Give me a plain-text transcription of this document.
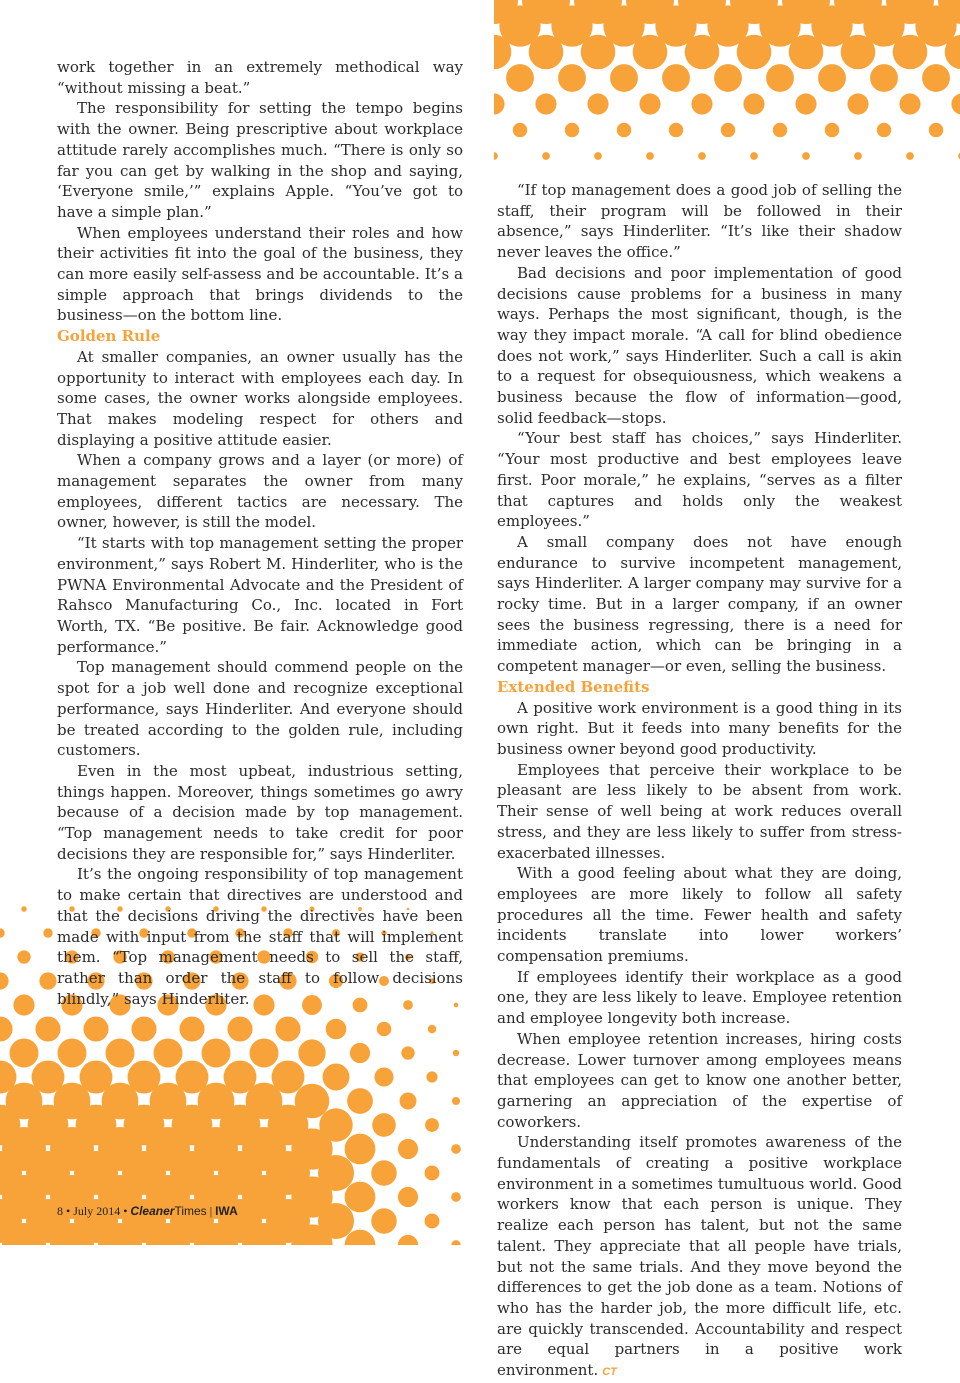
work together in an extremely methodical way “without missing a beat.”

The responsibility for setting the tempo begins with the owner. Being prescriptive about workplace attitude rarely accomplishes much. “There is only so far you can get by walking in the shop and saying, ‘Everyone smile,’” explains Apple. “You’ve got to have a simple plan.”

When employees understand their roles and how their activities fit into the goal of the business, they can more easily self-assess and be accountable. It’s a simple approach that brings dividends to the business—on the bottom line.

Golden Rule

At smaller companies, an owner usually has the opportunity to interact with employees each day. In some cases, the owner works alongside employees. That makes modeling respect for others and displaying a positive attitude easier.

When a company grows and a layer (or more) of management separates the owner from many employees, different tactics are necessary. The owner, however, is still the model.

“It starts with top management setting the proper environment,” says Robert M. Hinderliter, who is the PWNA Environmental Advocate and the President of Rahsco Manufacturing Co., Inc. located in Fort Worth, TX. “Be positive. Be fair. Acknowledge good performance.”

Top management should commend people on the spot for a job well done and recognize exceptional performance, says Hinderliter. And everyone should be treated according to the golden rule, including customers.

Even in the most upbeat, industrious setting, things happen. Moreover, things sometimes go awry because of a decision made by top management. “Top management needs to take credit for poor decisions they are responsible for,” says Hinderliter.

It’s the ongoing responsibility of top management to make certain that directives are understood and that the decisions driving the directives have been made with input from the staff that will implement them. “Top management needs to sell the staff, rather than order the staff to follow decisions blindly,” says Hinderliter.

“If top management does a good job of selling the staff, their program will be followed in their absence,” says Hinderliter. “It’s like their shadow never leaves the office.”

Bad decisions and poor implementation of good decisions cause problems for a business in many ways. Perhaps the most significant, though, is the way they impact morale. “A call for blind obedience does not work,” says Hinderliter. Such a call is akin to a request for obsequiousness, which weakens a business because the flow of information—good, solid feedback—stops.

“Your best staff has choices,” says Hinderliter. “Your most productive and best employees leave first. Poor morale,” he explains, “serves as a filter that captures and holds only the weakest employees.”

A small company does not have enough endurance to survive incompetent management, says Hinderliter. A larger company may survive for a rocky time. But in a larger company, if an owner sees the business regressing, there is a need for immediate action, which can be bringing in a competent manager—or even, selling the business.

Extended Benefits

A positive work environment is a good thing in its own right. But it feeds into many benefits for the business owner beyond good productivity.

Employees that perceive their workplace to be pleasant are less likely to be absent from work. Their sense of well being at work reduces overall stress, and they are less likely to suffer from stress-exacerbated illnesses.

With a good feeling about what they are doing, employees are more likely to follow all safety procedures all the time. Fewer health and safety incidents translate into lower workers’ compensation premiums.

If employees identify their workplace as a good one, they are less likely to leave. Employee retention and employee longevity both increase.

When employee retention increases, hiring costs decrease. Lower turnover among employees means that employees can get to know one another better, garnering an appreciation of the expertise of coworkers.

Understanding itself promotes awareness of the fundamentals of creating a positive workplace environment in a sometimes tumultuous world. Good workers know that each person is unique. They realize each person has talent, but not the same talent. They appreciate that all people have trials, but not the same trials. And they move beyond the differences to get the job done as a team. Notions of who has the harder job, the more difficult life, etc. are quickly transcended. Accountability and respect are equal partners in a positive work environment. CT

8 • July 2014 • CleanerTimes | IWA
